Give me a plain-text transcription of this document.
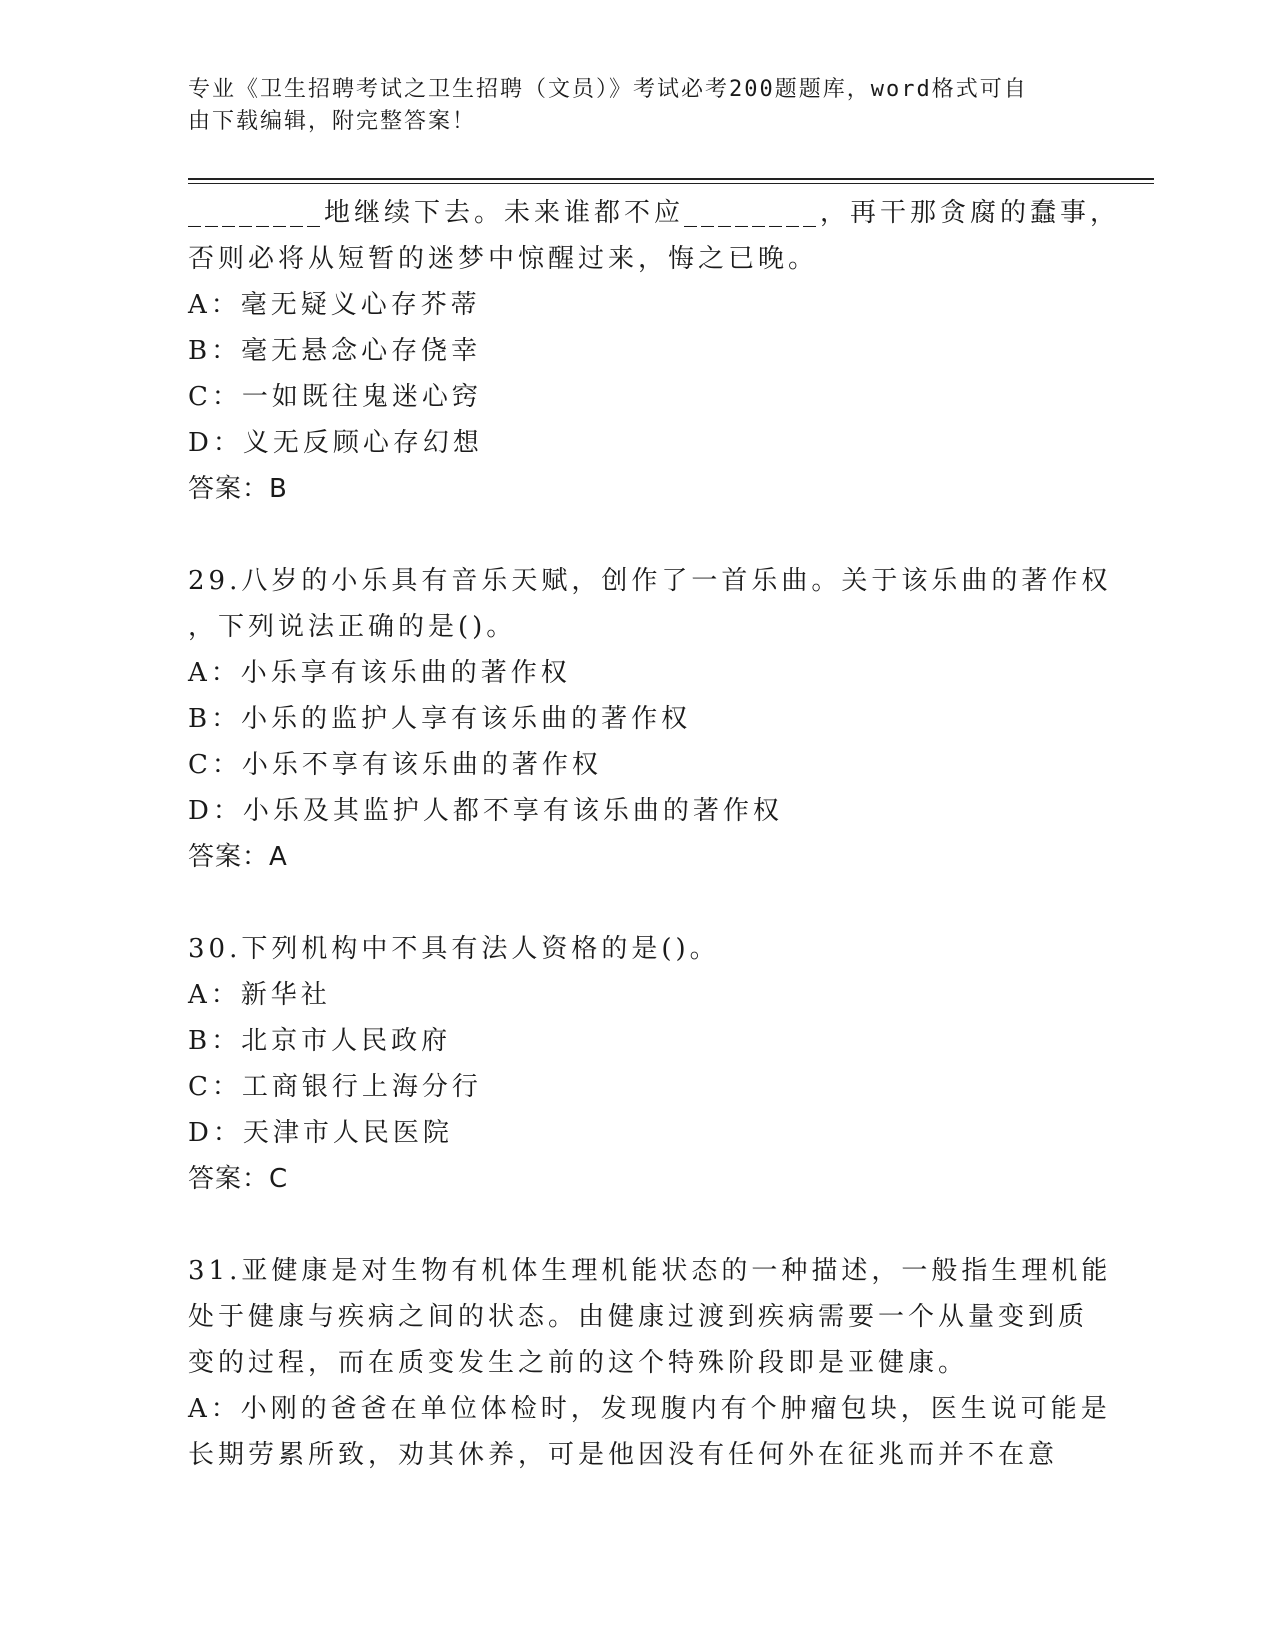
专业《卫生招聘考试之卫生招聘（文员）》考试必考200题题库，word格式可自
由下载编辑，附完整答案！
________地继续下去。未来谁都不应________，再干那贪腐的蠢事，
否则必将从短暂的迷梦中惊醒过来，悔之已晚。
A：毫无疑义心存芥蒂
B：毫无悬念心存侥幸
C：一如既往鬼迷心窍
D：义无反顾心存幻想
答案：B
29.八岁的小乐具有音乐天赋，创作了一首乐曲。关于该乐曲的著作权
，下列说法正确的是()。
A：小乐享有该乐曲的著作权
B：小乐的监护人享有该乐曲的著作权
C：小乐不享有该乐曲的著作权
D：小乐及其监护人都不享有该乐曲的著作权
答案：A
30.下列机构中不具有法人资格的是()。
A：新华社
B：北京市人民政府
C：工商银行上海分行
D：天津市人民医院
答案：C
31.亚健康是对生物有机体生理机能状态的一种描述，一般指生理机能
处于健康与疾病之间的状态。由健康过渡到疾病需要一个从量变到质
变的过程，而在质变发生之前的这个特殊阶段即是亚健康。
A：小刚的爸爸在单位体检时，发现腹内有个肿瘤包块，医生说可能是
长期劳累所致，劝其休养，可是他因没有任何外在征兆而并不在意
